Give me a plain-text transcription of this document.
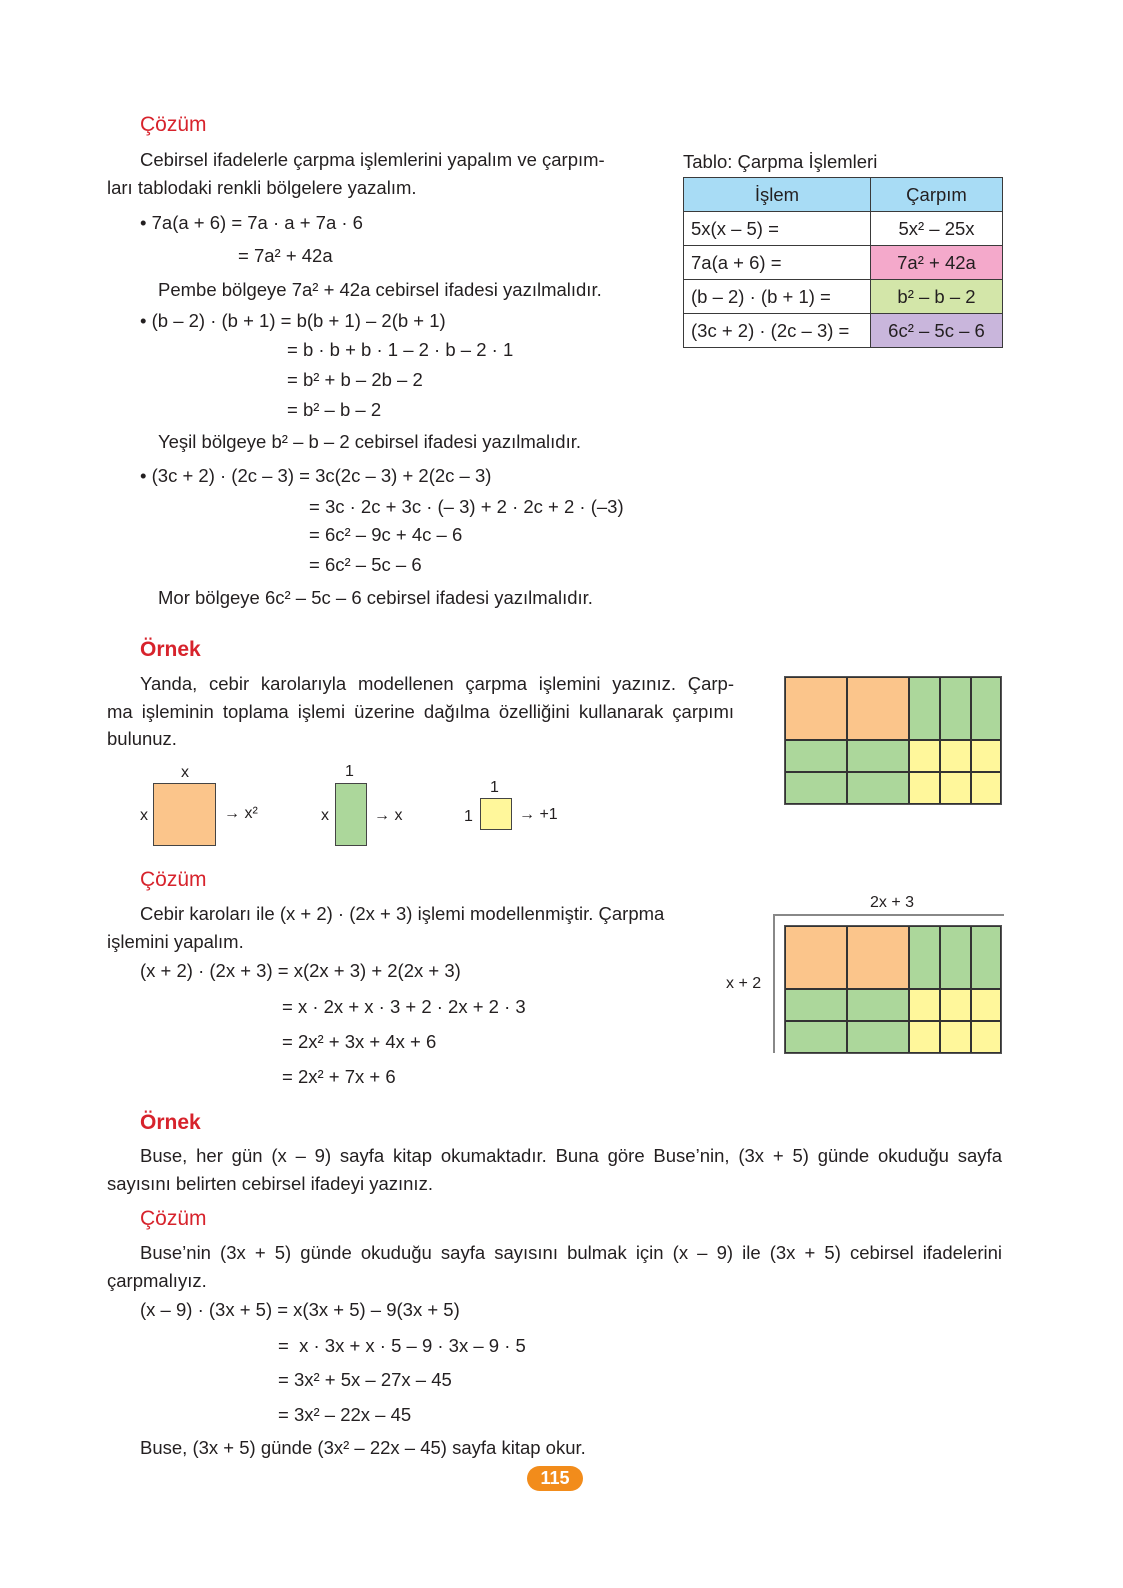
Çözüm
Cebirsel ifadelerle çarpma işlemlerini yapalım ve çarpım-
ları tablodaki renkli bölgelere yazalım.
• 7a(a + 6) = 7a · a + 7a · 6
= 7a² + 42a
Pembe bölgeye 7a² + 42a cebirsel ifadesi yazılmalıdır.
• (b – 2) · (b + 1) = b(b + 1) – 2(b + 1)
= b · b + b · 1 – 2 · b – 2 · 1
= b² + b – 2b – 2
= b² – b – 2
Yeşil bölgeye b² – b – 2 cebirsel ifadesi yazılmalıdır.
• (3c + 2) · (2c – 3) = 3c(2c – 3) + 2(2c – 3)
= 3c · 2c + 3c · (– 3) + 2 · 2c + 2 · (–3)
= 6c² – 9c + 4c – 6
= 6c² – 5c – 6
Mor bölgeye 6c² – 5c – 6 cebirsel ifadesi yazılmalıdır.
Tablo: Çarpma İşlemleri
İşlem	Çarpım
5x(x – 5) =	5x² – 25x
7a(a + 6) =	7a² + 42a
(b – 2) · (b + 1) =	b² – b – 2
(3c + 2) · (2c – 3) =	6c² – 5c – 6
Örnek
Yanda, cebir karolarıyla modellenen çarpma işlemini yazınız. Çarp-
ma işleminin toplama işlemi üzerine dağılma özelliğini kullanarak çarpımı
bulunuz.
x
x	→ x²
1
x	→ x
1
1	→ +1
Çözüm
Cebir karoları ile (x + 2) · (2x + 3) işlemi modellenmiştir. Çarpma
işlemini yapalım.
(x + 2) · (2x + 3) = x(2x + 3) + 2(2x + 3)
= x · 2x + x · 3 + 2 · 2x + 2 · 3
= 2x² + 3x + 4x + 6
= 2x² + 7x + 6
2x + 3
x + 2
Örnek
Buse, her gün (x – 9) sayfa kitap okumaktadır. Buna göre Buse’nin, (3x + 5) günde okuduğu sayfa
sayısını belirten cebirsel ifadeyi yazınız.
Çözüm
Buse’nin (3x + 5) günde okuduğu sayfa sayısını bulmak için (x – 9) ile (3x + 5) cebirsel ifadelerini
çarpmalıyız.
(x – 9) · (3x + 5) = x(3x + 5) – 9(3x + 5)
=  x · 3x + x · 5 – 9 · 3x – 9 · 5
= 3x² + 5x – 27x – 45
= 3x² – 22x – 45
Buse, (3x + 5) günde (3x² – 22x – 45) sayfa kitap okur.
115
